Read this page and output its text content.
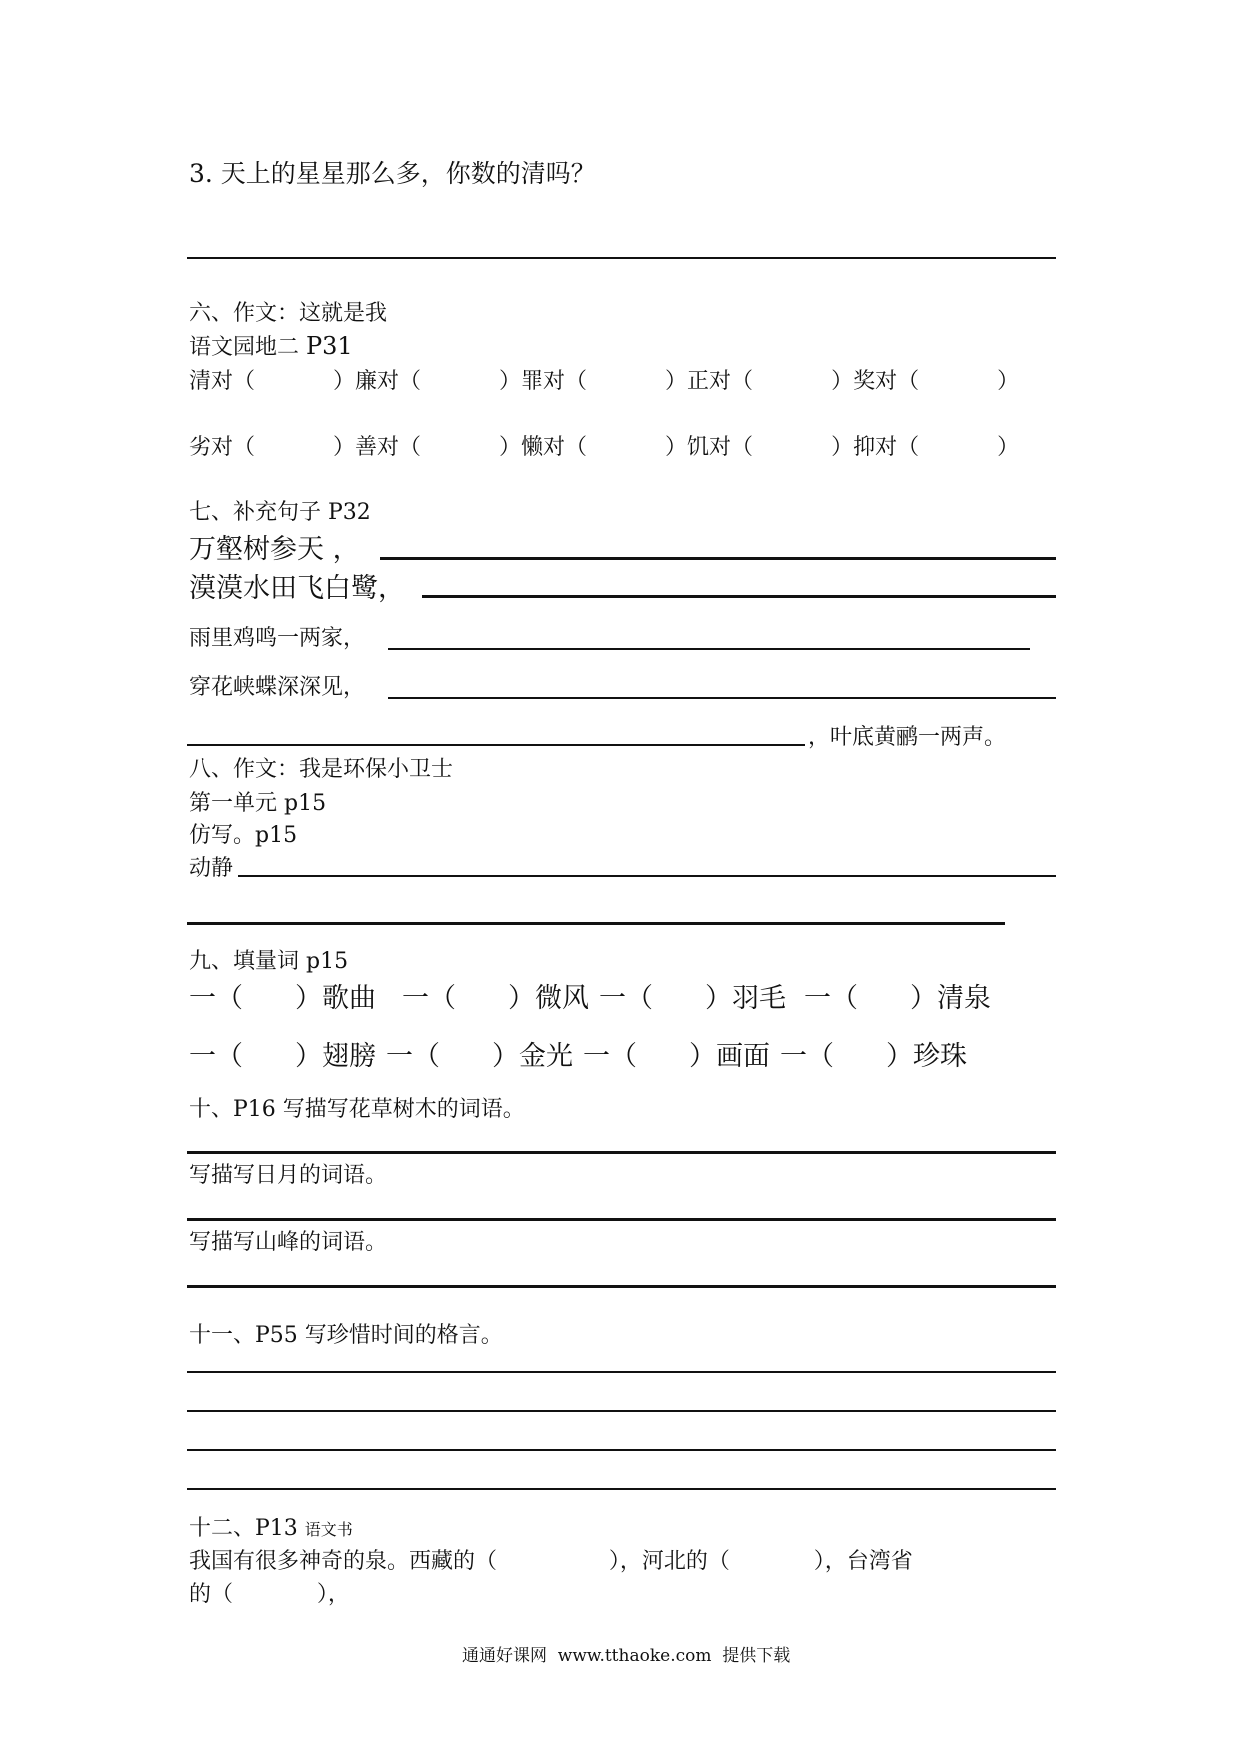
3. 天上的星星那么多，你数的清吗？
六、作文：这就是我
语文园地二 P31
清对（	）廉对（	）罪对（	）正对（	）奖对（	）
劣对（	）善对（	）懒对（	）饥对（	）抑对（	）
七、补充句子 P32
万壑树参天 ，
漠漠水田飞白鹭，
雨里鸡鸣一两家，
穿花峡蝶深深见，
，叶底黄鹂一两声。
八、作文：我是环保小卫士
第一单元 p15
仿写。p15
动静
九、填量词 p15
一（ ）歌曲 一（ ）微风 一（ ）羽毛 一（ ）清泉
一（ ）翅膀 一（ ）金光 一（ ）画面 一（ ）珍珠
十、P16 写描写花草树木的词语。
写描写日月的词语。
写描写山峰的词语。
十一、P55 写珍惜时间的格言。
十二、P13 语文书
我国有很多神奇的泉。西藏的（                ），河北的（            ），台湾省
的（            ），
通通好课网  www.tthaoke.com  提供下载
